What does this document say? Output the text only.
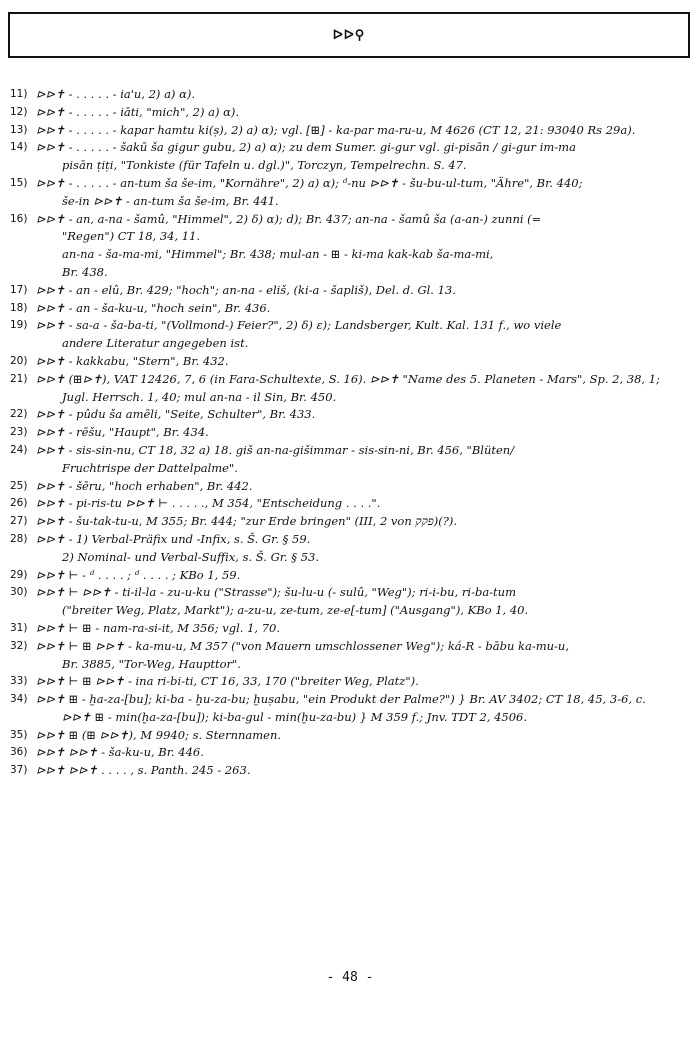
ᐅᐅ⚲
11) ⊳⊳✝ - . . . . . - ia'u, 2) a) α).
12) ⊳⊳✝ - . . . . . - iāti, "mich", 2) a) α).
13) ⊳⊳✝ - . . . . . - kapar hamtu ki(ṣ), 2) a) α); vgl. [⊞] - ka-par ma-ru-u, M 4626 (CT 12, 21: 93040 Rs 29a).
14) ⊳⊳✝ - . . . . . - šakū ša gigur gubu, 2) a) α); zu dem Sumer. gi-gur vgl. gi-pisān / gi-gur im-ma
pisān ṭiṭi, "Tonkiste (für Tafeln u. dgl.)", Torczyn, Tempelrechn. S. 47.
15) ⊳⊳✝ - . . . . . - an-tum ša še-im, "Kornähre", 2) a) α); ᵈ-nu ⊳⊳✝ - šu-bu-ul-tum, "Ähre", Br. 440;
še-in ⊳⊳✝ - an-tum ša še-im, Br. 441.
16) ⊳⊳✝ - an, a-na - šamû, "Himmel", 2) δ) α); d); Br. 437; an-na - šamû ša (a-an-) zunni (=
"Regen") CT 18, 34, 11.
an-na - ša-ma-mi, "Himmel"; Br. 438; mul-an - ⊞ - ki-ma kak-kab ša-ma-mi,
Br. 438.
17) ⊳⊳✝ - an - elû, Br. 429; "hoch"; an-na - eliš, (ki-a - šapliš), Del. d. Gl. 13.
18) ⊳⊳✝ - an - ša-ku-u, "hoch sein", Br. 436.
19) ⊳⊳✝ - sa-a - ša-ba-ti, "(Vollmond-) Feier?", 2) δ) ε); Landsberger, Kult. Kal. 131 f., wo viele
andere Literatur angegeben ist.
20) ⊳⊳✝ - kakkabu, "Stern", Br. 432.
21) ⊳⊳✝ (⊞⊳✝), VAT 12426, 7, 6 (in Fara-Schultexte, S. 16). ⊳⊳✝ "Name des 5. Planeten - Mars", Sp. 2, 38, 1;
Jugl. Herrsch. 1, 40; mul an-na - il Sin, Br. 450.
22) ⊳⊳✝ - pûdu ša amēli, "Seite, Schulter", Br. 433.
23) ⊳⊳✝ - rēšu, "Haupt", Br. 434.
24) ⊳⊳✝ - sis-sin-nu, CT 18, 32 a) 18. giš an-na-gišimmar - sis-sin-ni, Br. 456, "Blüten/
Fruchtrispe der Dattelpalme".
25) ⊳⊳✝ - šēru, "hoch erhaben", Br. 442.
26) ⊳⊳✝ - pi-ris-tu ⊳⊳✝ ⊢ . . . . ., M 354, "Entscheidung . . . .".
27) ⊳⊳✝ - šu-tak-tu-u, M 355; Br. 444; "zur Erde bringen" (III, 2 von פקק)(?).
28) ⊳⊳✝ - 1) Verbal-Präfix und -Infix, s. Š. Gr. § 59.
2) Nominal- und Verbal-Suffix, s. Š. Gr. § 53.
29) ⊳⊳✝ ⊢ - ᵈ . . . . ; ᵈ . . . . ; KBo 1, 59.
30) ⊳⊳✝ ⊢ ⊳⊳✝ - ti-il-la - zu-u-ku ("Strasse"); šu-lu-u (- sulû, "Weg"); ri-i-bu, ri-ba-tum
("breiter Weg, Platz, Markt"); a-zu-u, ze-tum, ze-e[-tum] ("Ausgang"), KBo 1, 40.
31) ⊳⊳✝ ⊢ ⊞ - nam-ra-si-it, M 356; vgl. 1, 70.
32) ⊳⊳✝ ⊢ ⊞ ⊳⊳✝ - ka-mu-u, M 357 ("von Mauern umschlossener Weg"); ká-R - bābu ka-mu-u,
Br. 3885, "Tor-Weg, Haupttor".
33) ⊳⊳✝ ⊢ ⊞ ⊳⊳✝ - ina ri-bi-ti, CT 16, 33, 170 ("breiter Weg, Platz").
34) ⊳⊳✝ ⊞ - ḫa-za-[bu]; ki-ba - ḫu-za-bu; ḫuṣabu, "ein Produkt der Palme?") } Br. AV 3402; CT 18, 45, 3-6, c.
⊳⊳✝ ⊞ - min(ḫa-za-[bu]); ki-ba-gul - min(ḫu-za-bu) } M 359 f.; Jnv. TDT 2, 4506.
35) ⊳⊳✝ ⊞ (⊞ ⊳⊳✝), M 9940; s. Sternnamen.
36) ⊳⊳✝ ⊳⊳✝ - ša-ku-u, Br. 446.
37) ⊳⊳✝ ⊳⊳✝ . . . . , s. Panth. 245 - 263.
- 48 -
